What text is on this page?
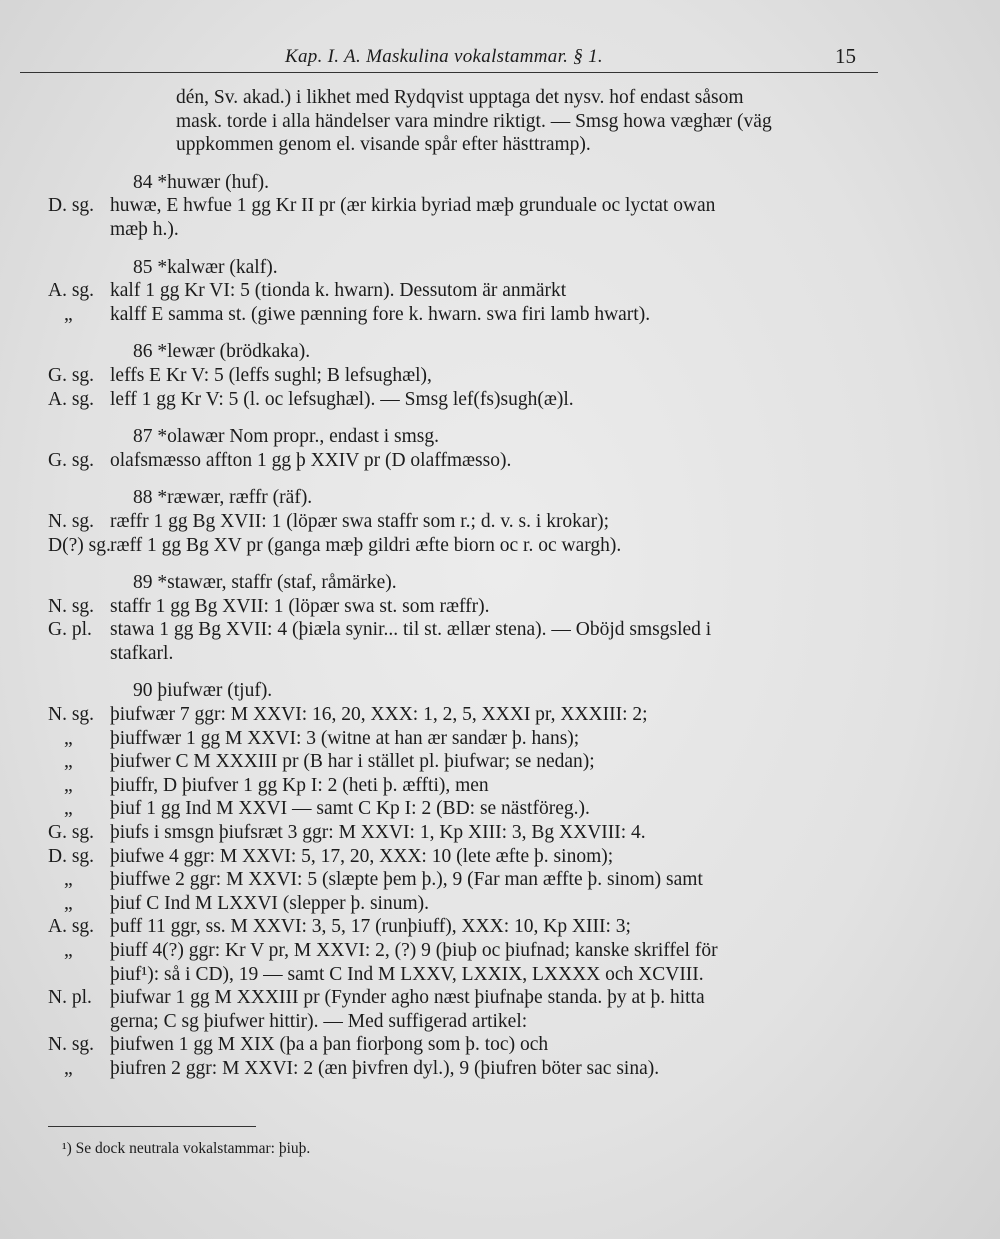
Kap. I. A. Maskulina vokalstammar. § 1.	15
dén, Sv. akad.) i likhet med Rydqvist upptaga det nysv. hof endast såsom
mask. torde i alla händelser vara mindre riktigt. — Smsg howa væghær (väg
uppkommen genom el. visande spår efter hästtramp).
84 *huwær (huf).
D. sg. huwæ, E hwfue 1 gg Kr II pr (ær kirkia byriad mæþ grunduale oc lyctat owan
mæþ h.).
85 *kalwær (kalf).
A. sg. kalf 1 gg Kr VI: 5 (tionda k. hwarn). Dessutom är anmärkt
„ kalff E samma st. (giwe pænning fore k. hwarn. swa firi lamb hwart).
86 *lewær (brödkaka).
G. sg. leffs E Kr V: 5 (leffs sughl; B lefsughæl),
A. sg. leff 1 gg Kr V: 5 (l. oc lefsughæl). — Smsg lef(fs)sugh(æ)l.
87 *olawær Nom propr., endast i smsg.
G. sg. olafsmæsso affton 1 gg þ XXIV pr (D olaffmæsso).
88 *ræwær, ræffr (räf).
N. sg. ræffr 1 gg Bg XVII: 1 (löpær swa staffr som r.; d. v. s. i krokar);
D(?) sg. ræff 1 gg Bg XV pr (ganga mæþ gildri æfte biorn oc r. oc wargh).
89 *stawær, staffr (staf, råmärke).
N. sg. staffr 1 gg Bg XVII: 1 (löpær swa st. som ræffr).
G. pl. stawa 1 gg Bg XVII: 4 (þiæla synir... til st. ællær stena). — Oböjd smsgsled i
stafkarl.
90 þiufwær (tjuf).
N. sg. þiufwær 7 ggr: M XXVI: 16, 20, XXX: 1, 2, 5, XXXI pr, XXXIII: 2;
„ þiuffwær 1 gg M XXVI: 3 (witne at han ær sandær þ. hans);
„ þiufwer C M XXXIII pr (B har i stället pl. þiufwar; se nedan);
„ þiuffr, D þiufver 1 gg Kp I: 2 (heti þ. æffti), men
„ þiuf 1 gg Ind M XXVI — samt C Kp I: 2 (BD: se nästföreg.).
G. sg. þiufs i smsgn þiufsræt 3 ggr: M XXVI: 1, Kp XIII: 3, Bg XXVIII: 4.
D. sg. þiufwe 4 ggr: M XXVI: 5, 17, 20, XXX: 10 (lete æfte þ. sinom);
„ þiuffwe 2 ggr: M XXVI: 5 (slæpte þem þ.), 9 (Far man æffte þ. sinom) samt
„ þiuf C Ind M LXXVI (slepper þ. sinum).
A. sg. þuff 11 ggr, ss. M XXVI: 3, 5, 17 (runþiuff), XXX: 10, Kp XIII: 3;
„ þiuff 4(?) ggr: Kr V pr, M XXVI: 2, (?) 9 (þiuþ oc þiufnad; kanske skriffel för
þiuf¹): så i CD), 19 — samt C Ind M LXXV, LXXIX, LXXXX och XCVIII.
N. pl. þiufwar 1 gg M XXXIII pr (Fynder agho næst þiufnaþe standa. þy at þ. hitta
gerna; C sg þiufwer hittir). — Med suffigerad artikel:
N. sg. þiufwen 1 gg M XIX (þa a þan fiorþong som þ. toc) och
„ þiufren 2 ggr: M XXVI: 2 (æn þivfren dyl.), 9 (þiufren böter sac sina).
¹) Se dock neutrala vokalstammar: þiuþ.
